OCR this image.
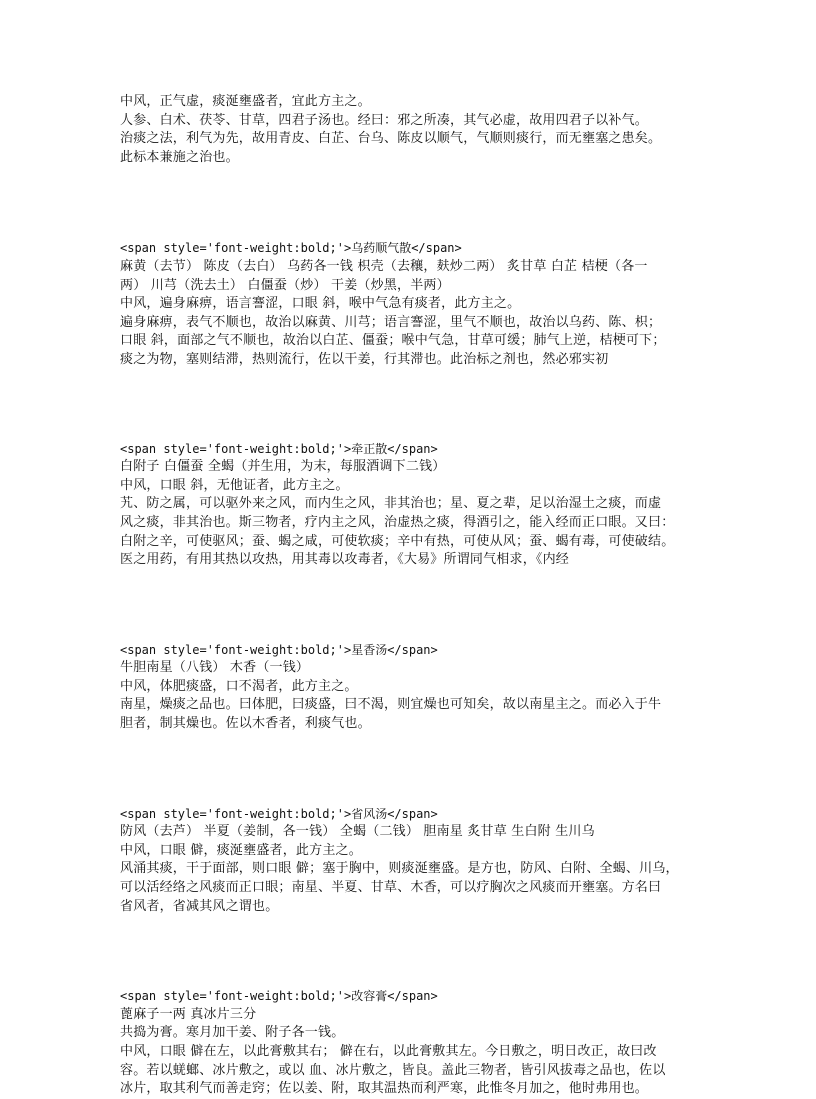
中风，正气虚，痰涎壅盛者，宜此方主之。

人参、白术、茯苓、甘草，四君子汤也。经曰：邪之所凑，其气必虚，故用四君子以补气。

治痰之法，利气为先，故用青皮、白芷、台乌、陈皮以顺气，气顺则痰行，而无壅塞之患矣。

此标本兼施之治也。

<span style='font-weight:bold;'>乌药顺气散</span>

麻黄（去节） 陈皮（去白） 乌药各一钱 枳壳（去穰，麸炒二两） 炙甘草 白芷 桔梗（各一

两） 川芎（洗去土） 白僵蚕（炒） 干姜（炒黑，半两）

中风，遍身麻痹，语言謇涩，口眼 斜，喉中气急有痰者，此方主之。

遍身麻痹，表气不顺也，故治以麻黄、川芎；语言謇涩，里气不顺也，故治以乌药、陈、枳；

口眼 斜，面部之气不顺也，故治以白芷、僵蚕；喉中气急，甘草可缓；肺气上逆，桔梗可下；

痰之为物，塞则结滞，热则流行，佐以干姜，行其滞也。此治标之剂也，然必邪实初

<span style='font-weight:bold;'>牵正散</span>

白附子 白僵蚕 全蝎（并生用，为末，每服酒调下二钱）

中风，口眼 斜，无他证者，此方主之。

艽、防之属，可以驱外来之风，而内生之风，非其治也；星、夏之辈，足以治湿土之痰，而虚

风之痰，非其治也。斯三物者，疗内主之风，治虚热之痰，得酒引之，能入经而正口眼。又曰：

白附之辛，可使驱风；蚕、蝎之咸，可使软痰；辛中有热，可使从风；蚕、蝎有毒，可使破结。

医之用药，有用其热以攻热，用其毒以攻毒者，《大易》所谓同气相求，《内经

<span style='font-weight:bold;'>星香汤</span>

牛胆南星（八钱） 木香（一钱）

中风，体肥痰盛，口不渴者，此方主之。

南星，燥痰之品也。曰体肥，曰痰盛，曰不渴，则宜燥也可知矣，故以南星主之。而必入于牛

胆者，制其燥也。佐以木香者，利痰气也。

<span style='font-weight:bold;'>省风汤</span>

防风（去芦） 半夏（姜制，各一钱） 全蝎（二钱） 胆南星 炙甘草 生白附 生川乌

中风，口眼 僻，痰涎壅盛者，此方主之。

风涌其痰，干于面部，则口眼 僻；塞于胸中，则痰涎壅盛。是方也，防风、白附、全蝎、川乌，

可以活经络之风痰而正口眼；南星、半夏、甘草、木香，可以疗胸次之风痰而开壅塞。方名曰

省风者，省减其风之谓也。

<span style='font-weight:bold;'>改容膏</span>

蓖麻子一两 真冰片三分

共捣为膏。寒月加干姜、附子各一钱。

中风，口眼 僻在左，以此膏敷其右； 僻在右，以此膏敷其左。今日敷之，明日改正，故曰改

容。若以蜣螂、冰片敷之，或以 血、冰片敷之，皆良。盖此三物者，皆引风拔毒之品也，佐以

冰片，取其利气而善走窍；佐以姜、附，取其温热而利严寒，此惟冬月加之，他时弗用也。
